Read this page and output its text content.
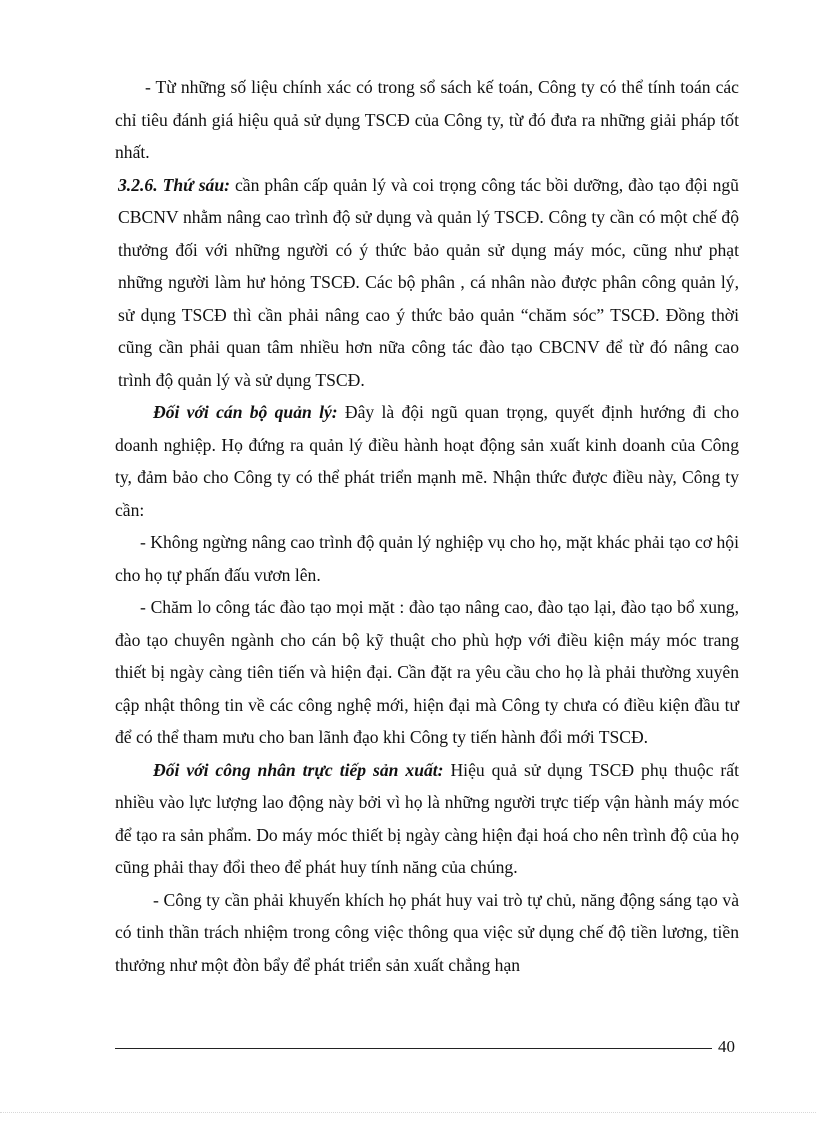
- Từ những số liệu chính xác có trong sổ sách kế toán, Công ty có thể tính toán các chỉ tiêu đánh giá hiệu quả sử dụng TSCĐ của Công ty, từ đó đưa ra những giải pháp tốt nhất.

3.2.6. Thứ sáu: cần phân cấp quản lý và coi trọng công tác bồi dưỡng, đào tạo đội ngũ CBCNV nhằm nâng cao trình độ sử dụng và quản lý TSCĐ. Công ty cần có một chế độ thưởng đối với những người có ý thức bảo quản sử dụng máy móc, cũng như phạt những người làm hư hỏng TSCĐ. Các bộ phân , cá nhân nào được phân công quản lý, sử dụng TSCĐ thì cần phải nâng cao ý thức bảo quản “chăm sóc” TSCĐ. Đồng thời cũng cần phải quan tâm nhiều hơn nữa công tác đào tạo CBCNV để từ đó nâng cao trình độ quản lý và sử dụng TSCĐ.

Đối với cán bộ quản lý: Đây là đội ngũ quan trọng, quyết định hướng đi cho doanh nghiệp. Họ đứng ra quản lý điều hành hoạt động sản xuất kinh doanh của Công ty, đảm bảo cho Công ty có thể phát triển mạnh mẽ. Nhận thức được điều này, Công ty cần:

- Không ngừng nâng cao trình độ quản lý nghiệp vụ cho họ, mặt khác phải tạo cơ hội cho họ tự phấn đấu vươn lên.

- Chăm lo công tác đào tạo mọi mặt : đào tạo nâng cao, đào tạo lại, đào tạo bổ xung, đào tạo chuyên ngành cho cán bộ kỹ thuật cho phù hợp với điều kiện máy móc trang thiết bị ngày càng tiên tiến và hiện đại. Cần đặt ra yêu cầu cho họ là phải thường xuyên cập nhật thông tin về các công nghệ mới, hiện đại mà Công ty chưa có điều kiện đầu tư để có thể tham mưu cho ban lãnh đạo khi Công ty tiến hành đổi mới TSCĐ.

Đối với công nhân trực tiếp sản xuất: Hiệu quả sử dụng TSCĐ phụ thuộc rất nhiều vào lực lượng lao động này bởi vì họ là những người trực tiếp vận hành máy móc để tạo ra sản phẩm. Do máy móc thiết bị ngày càng hiện đại hoá cho nên trình độ của họ cũng phải thay đổi theo để phát huy tính năng của chúng.

- Công ty cần phải khuyến khích họ phát huy vai trò tự chủ, năng động sáng tạo và có tinh thần trách nhiệm trong công việc thông qua việc sử dụng chế độ tiền lương, tiền thưởng như một đòn bẩy để phát triển sản xuất chẳng hạn

40
